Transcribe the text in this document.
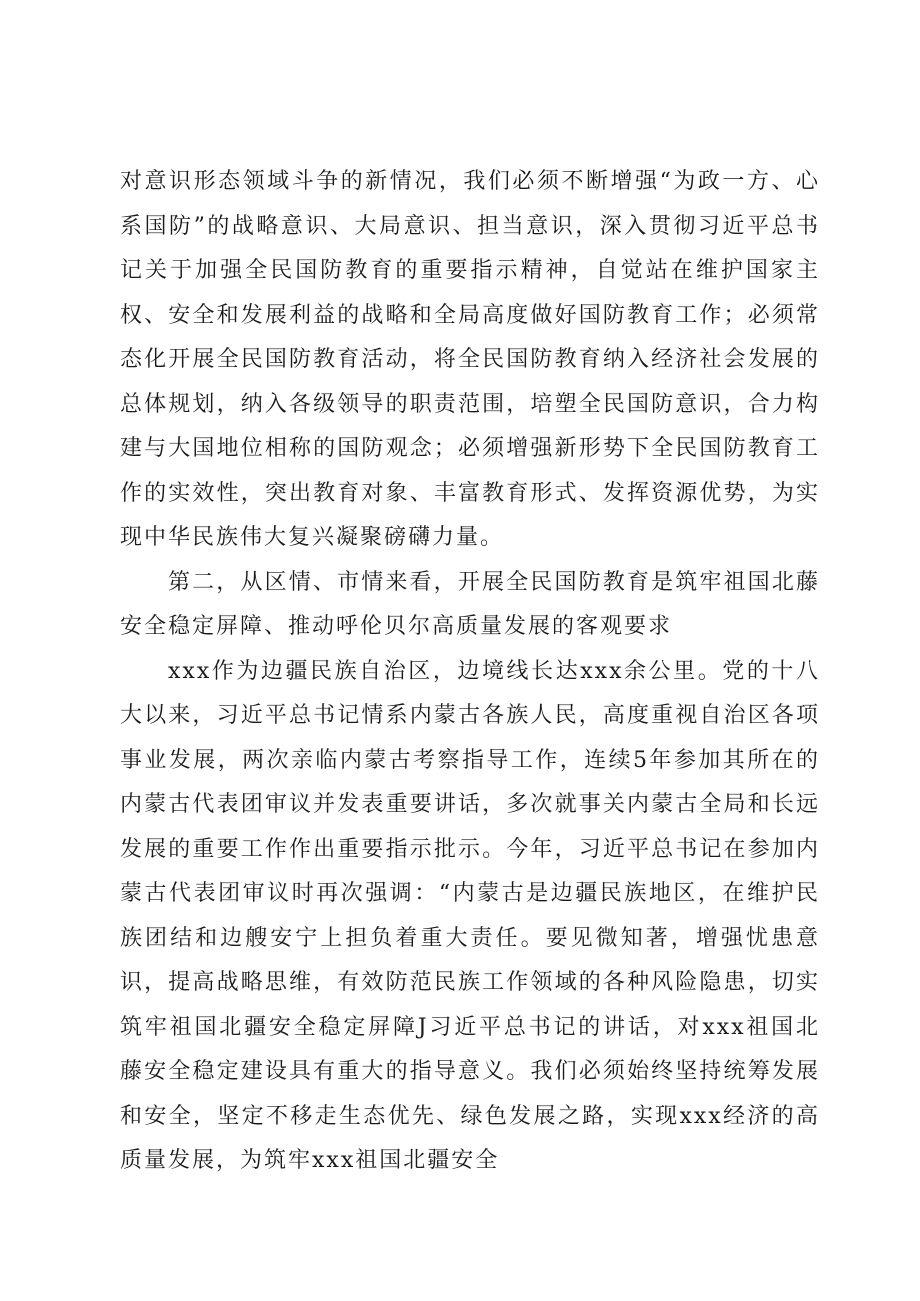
对意识形态领域斗争的新情况，我们必须不断增强“为政一方、心系国防”的战略意识、大局意识、担当意识，深入贯彻习近平总书记关于加强全民国防教育的重要指示精神，自觉站在维护国家主权、安全和发展利益的战略和全局高度做好国防教育工作；必须常态化开展全民国防教育活动，将全民国防教育纳入经济社会发展的总体规划，纳入各级领导的职责范围，培塑全民国防意识，合力构建与大国地位相称的国防观念；必须增强新形势下全民国防教育工作的实效性，突出教育对象、丰富教育形式、发挥资源优势，为实现中华民族伟大复兴凝聚磅礴力量。

第二，从区情、市情来看，开展全民国防教育是筑牢祖国北藤安全稳定屏障、推动呼伦贝尔高质量发展的客观要求

xxx作为边疆民族自治区，边境线长达xxx余公里。党的十八大以来，习近平总书记情系内蒙古各族人民，高度重视自治区各项事业发展，两次亲临内蒙古考察指导工作，连续5年参加其所在的内蒙古代表团审议并发表重要讲话，多次就事关内蒙古全局和长远发展的重要工作作出重要指示批示。今年，习近平总书记在参加内蒙古代表团审议时再次强调：“内蒙古是边疆民族地区，在维护民族团结和边艘安宁上担负着重大责任。要见微知著，增强忧患意识，提高战略思维，有效防范民族工作领域的各种风险隐患，切实筑牢祖国北疆安全稳定屏障J习近平总书记的讲话，对xxx祖国北藤安全稳定建设具有重大的指导意义。我们必须始终坚持统筹发展和安全，坚定不移走生态优先、绿色发展之路，实现xxx经济的高质量发展，为筑牢xxx祖国北疆安全
